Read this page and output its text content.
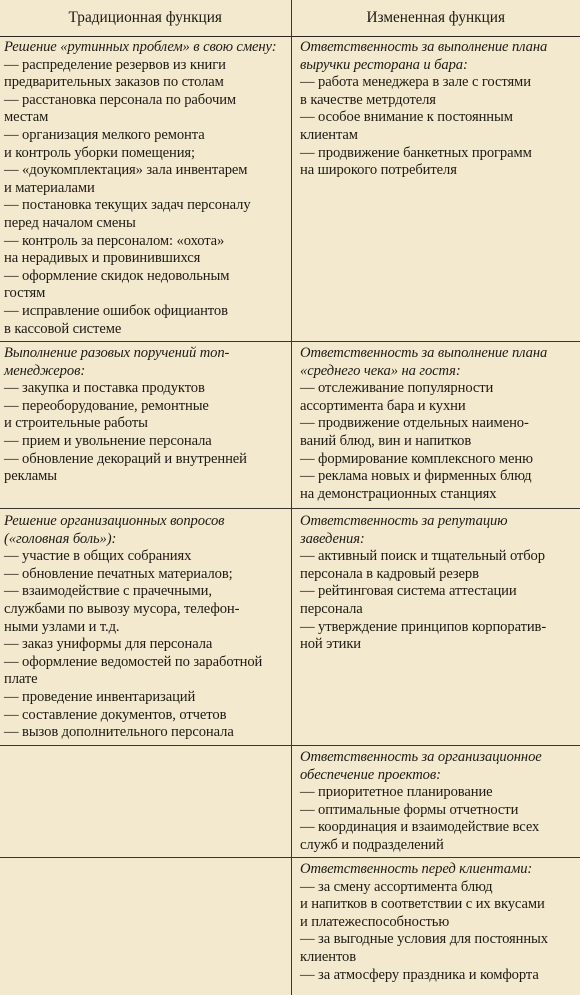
Традиционная функция	Измененная функция
Решение «рутинных проблем» в свою смену:
— распределение резервов из книги
предварительных заказов по столам
— расстановка персонала по рабочим
местам
— организация мелкого ремонта
и контроль уборки помещения;
— «доукомплектация» зала инвентарем
и материалами
— постановка текущих задач персоналу
перед началом смены
— контроль за персоналом: «охота»
на нерадивых и провинившихся
— оформление скидок недовольным
гостям
— исправление ошибок официантов
в кассовой системе
Ответственность за выполнение плана
выручки ресторана и бара:
— работа менеджера в зале с гостями
в качестве метрдотеля
— особое внимание к постоянным
клиентам
— продвижение банкетных программ
на широкого потребителя
Выполнение разовых поручений топ-
менеджеров:
— закупка и поставка продуктов
— переоборудование, ремонтные
и строительные работы
— прием и увольнение персонала
— обновление декораций и внутренней
рекламы
Ответственность за выполнение плана
«среднего чека» на гостя:
— отслеживание популярности
ассортимента бара и кухни
— продвижение отдельных наимено-
ваний блюд, вин и напитков
— формирование комплексного меню
— реклама новых и фирменных блюд
на демонстрационных станциях
Решение организационных вопросов
(«головная боль»):
— участие в общих собраниях
— обновление печатных материалов;
— взаимодействие с прачечными,
службами по вывозу мусора, телефон-
ными узлами и т.д.
— заказ униформы для персонала
— оформление ведомостей по заработной
плате
— проведение инвентаризаций
— составление документов, отчетов
— вызов дополнительного персонала
Ответственность за репутацию
заведения:
— активный поиск и тщательный отбор
персонала в кадровый резерв
— рейтинговая система аттестации
персонала
— утверждение принципов корпоратив-
ной этики
Ответственность за организационное
обеспечение проектов:
— приоритетное планирование
— оптимальные формы отчетности
— координация и взаимодействие всех
служб и подразделений
Ответственность перед клиентами:
— за смену ассортимента блюд
и напитков в соответствии с их вкусами
и платежеспособностью
— за выгодные условия для постоянных
клиентов
— за атмосферу праздника и комфорта
